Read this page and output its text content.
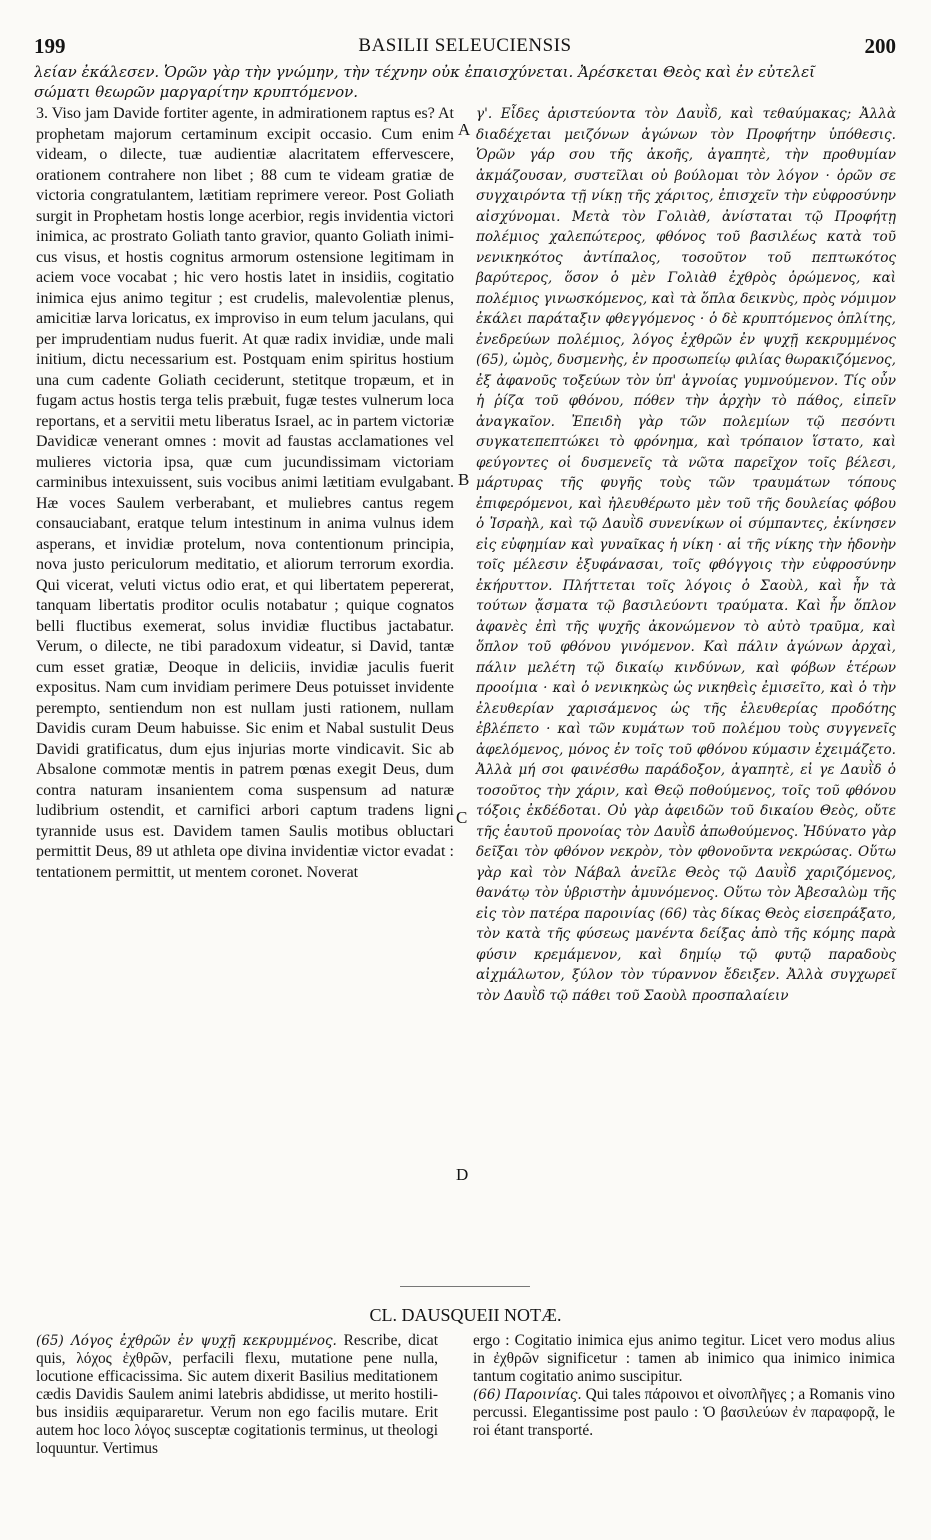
199	BASILII SELEUCIENSIS	200
λείαν ἐκάλεσεν. Ὁρῶν γὰρ τὴν γνώμην, τὴν τέχνην οὐκ ἐπαισχύνεται. Ἀρέσκεται Θεὸς καὶ ἐν εὐτελεῖ
σώματι θεωρῶν μαργαρίτην κρυπτόμενον.

3. Viso jam Davide fortiter agente, in admirationem raptus es? At prophetam majorum certaminum excipit occasio. Cum enim videam, o dilecte, tuæ audientiæ alacritatem effervescere, orationem contrahere non libet ; 88 cum te videam gratiæ de victoria congratulantem, lætitiam reprimere vereor. Post Goliath surgit in Prophetam hostis longe acerbior, regis invidentia victori inimica, ac prostrato Goliath tanto gravior, quanto Goliath inimicus visus, et hostis cognitus armorum ostensione legitimam in aciem voce vocabat ; hic vero hostis latet in insidiis, cogitatio inimica ejus animo tegitur ; est crudelis, malevolentiæ plenus, amicitiæ larva loricatus, ex improviso in eum telum jaculans, qui per imprudentiam nudus fuerit. At quæ radix invidiæ, unde mali initium, dictu necessarium est. Postquam enim spiritus hostium una cum cadente Goliath ceciderunt, stetitque tropæum, et in fugam actus hostis terga telis præbuit, fugæ testes vulnerum loca reportans, et a servitii metu liberatus Israel, ac in partem victoriæ Davidicæ venerant omnes : movit ad faustas acclamationes vel mulieres victoria ipsa, quæ cum jucundissimam victoriam carminibus intexuissent, suis vocibus animi lætitiam evulgabant. Hæ voces Saulem verberabant, et muliebres cantus regem consauciabant, eratque telum intestinum in anima vulnus idem asperans, et invidiæ protelum, nova contentionum principia, nova justo periculorum meditatio, et aliorum terrorum exordia. Qui vicerat, veluti victus odio erat, et qui libertatem pepererat, tanquam libertatis proditor oculis notabatur ; quique cognatos belli fluctibus exemerat, solus invidiæ fluctibus jactabatur. Verum, o dilecte, ne tibi paradoxum videatur, si David, tantæ cum esset gratiæ, Deoque in deliciis, invidiæ jaculis fuerit expositus. Nam cum invidiam perimere Deus potuisset invidente perempto, sentiendum non est nullam justi rationem, nullam Davidis curam Deum habuisse. Sic enim et Nabal sustulit Deus Davidi gratificatus, dum ejus injurias morte vindicavit. Sic ab Absalone commotæ mentis in patrem pœnas exegit Deus, dum contra naturam insanientem coma suspensum ad naturæ ludibrium ostendit, et carnifici arbori captum tradens ligni tyrannide usus est. Davidem tamen Saulis motibus obluctari permittit Deus, 89 ut athleta ope divina invidentiæ victor evadat : tentationem permittit, ut mentem coronet. Noverat

A
B
C
D

γ'. Εἶδες ἀριστεύοντα τὸν Δαυῒδ, καὶ τεθαύμακας; Ἀλλὰ διαδέχεται μειζόνων ἀγώνων τὸν Προφήτην ὑπόθεσις. Ὁρῶν γάρ σου τῆς ἀκοῆς, ἀγαπητὲ, τὴν προθυμίαν ἀκμάζουσαν, συστεῖλαι οὐ βούλομαι τὸν λόγον · ὁρῶν σε συγχαιρόντα τῇ νίκῃ τῆς χάριτος, ἐπισχεῖν τὴν εὐφροσύνην αἰσχύνομαι. Μετὰ τὸν Γολιὰθ, ἀνίσταται τῷ Προφήτῃ πολέμιος χαλεπώτερος, φθόνος τοῦ βασιλέως κατὰ τοῦ νενικηκότος ἀντίπαλος, τοσοῦτον τοῦ πεπτωκότος βαρύτερος, ὅσον ὁ μὲν Γολιὰθ ἐχθρὸς ὁρώμενος, καὶ πολέμιος γινωσκόμενος, καὶ τὰ ὅπλα δεικνὺς, πρὸς νόμιμον ἐκάλει παράταξιν φθεγγόμενος · ὁ δὲ κρυπτόμενος ὁπλίτης, ἐνεδρεύων πολέμιος, λόγος ἐχθρῶν ἐν ψυχῇ κεκρυμμένος (65), ὠμὸς, δυσμενὴς, ἐν προσωπείῳ φιλίας θωρακιζόμενος, ἐξ ἀφανοῦς τοξεύων τὸν ὑπ' ἀγνοίας γυμνούμενον. Τίς οὖν ἡ ῥίζα τοῦ φθόνου, πόθεν τὴν ἀρχὴν τὸ πάθος, εἰπεῖν ἀναγκαῖον. Ἐπειδὴ γὰρ τῶν πολεμίων τῷ πεσόντι συγκατεπεπτώκει τὸ φρόνημα, καὶ τρόπαιον ἵστατο, καὶ φεύγοντες οἱ δυσμενεῖς τὰ νῶτα παρεῖχον τοῖς βέλεσι, μάρτυρας τῆς φυγῆς τοὺς τῶν τραυμάτων τόπους ἐπιφερόμενοι, καὶ ἠλευθέρωτο μὲν τοῦ τῆς δουλείας φόβου ὁ Ἰσραὴλ, καὶ τῷ Δαυῒδ συνενίκων οἱ σύμπαντες, ἐκίνησεν εἰς εὐφημίαν καὶ γυναῖκας ἡ νίκη · αἱ τῆς νίκης τὴν ἡδονὴν τοῖς μέλεσιν ἐξυφάνασαι, τοῖς φθόγγοις τὴν εὐφροσύνην ἐκήρυττον. Πλήττεται τοῖς λόγοις ὁ Σαοὺλ, καὶ ἦν τὰ τούτων ᾄσματα τῷ βασιλεύοντι τραύματα. Καὶ ἦν ὅπλον ἀφανὲς ἐπὶ τῆς ψυχῆς ἀκονώμενον τὸ αὐτὸ τραῦμα, καὶ ὅπλον τοῦ φθόνου γινόμενον. Καὶ πάλιν ἀγώνων ἀρχαὶ, πάλιν μελέτη τῷ δικαίῳ κινδύνων, καὶ φόβων ἑτέρων προοίμια · καὶ ὁ νενικηκὼς ὡς νικηθεὶς ἐμισεῖτο, καὶ ὁ τὴν ἐλευθερίαν χαρισάμενος ὡς τῆς ἐλευθερίας προδότης ἐβλέπετο · καὶ τῶν κυμάτων τοῦ πολέμου τοὺς συγγενεῖς ἀφελόμενος, μόνος ἐν τοῖς τοῦ φθόνου κύμασιν ἐχειμάζετο. Ἀλλὰ μή σοι φαινέσθω παράδοξον, ἀγαπητὲ, εἰ γε Δαυῒδ ὁ τοσοῦτος τὴν χάριν, καὶ Θεῷ ποθούμενος, τοῖς τοῦ φθόνου τόξοις ἐκδέδοται. Οὐ γὰρ ἀφειδῶν τοῦ δικαίου Θεὸς, οὔτε τῆς ἑαυτοῦ προνοίας τὸν Δαυῒδ ἀπωθούμενος. Ἠδύνατο γὰρ δεῖξαι τὸν φθόνον νεκρὸν, τὸν φθονοῦντα νεκρώσας. Οὕτω γὰρ καὶ τὸν Νάβαλ ἀνεῖλε Θεὸς τῷ Δαυῒδ χαριζόμενος, θανάτῳ τὸν ὑβριστὴν ἀμυνόμενος. Οὕτω τὸν Ἀβεσαλὼμ τῆς εἰς τὸν πατέρα παροινίας (66) τὰς δίκας Θεὸς εἰσεπράξατο, τὸν κατὰ τῆς φύσεως μανέντα δείξας ἀπὸ τῆς κόμης παρὰ φύσιν κρεμάμενον, καὶ δημίῳ τῷ φυτῷ παραδοὺς αἰχμάλωτον, ξύλον τὸν τύραννον ἔδειξεν. Ἀλλὰ συγχωρεῖ τὸν Δαυῒδ τῷ πάθει τοῦ Σαοὺλ προσπαλαίειν

CL. DAUSQUEII NOTÆ.

(65) Λόγος ἐχθρῶν ἐν ψυχῇ κεκρυμμένος. Rescribe, dicat quis, λόχος ἐχθρῶν, perfacili flexu, mutatione pene nulla, locutione efficacissima. Sic autem dixerit Basilius meditationem cædis Davidis Saulem animi latebris abdidisse, ut merito hostilibus insidiis æquipararetur. Verum non ego facilis mutare. Erit autem hoc loco λόγος susceptæ cogitationis terminus, ut theologi loquuntur. Vertimus

ergo : Cogitatio inimica ejus animo tegitur. Licet vero modus alius in ἐχθρῶν significetur : tamen ab inimico qua inimico inimica tantum cogitatio animo suscipitur.

(66) Παροινίας. Qui tales πάροινοι et οἰνοπλῆγες ; a Romanis vino percussi. Elegantissime post paulo : Ὁ βασιλεύων ἐν παραφορᾷ, le roi étant transporté.
